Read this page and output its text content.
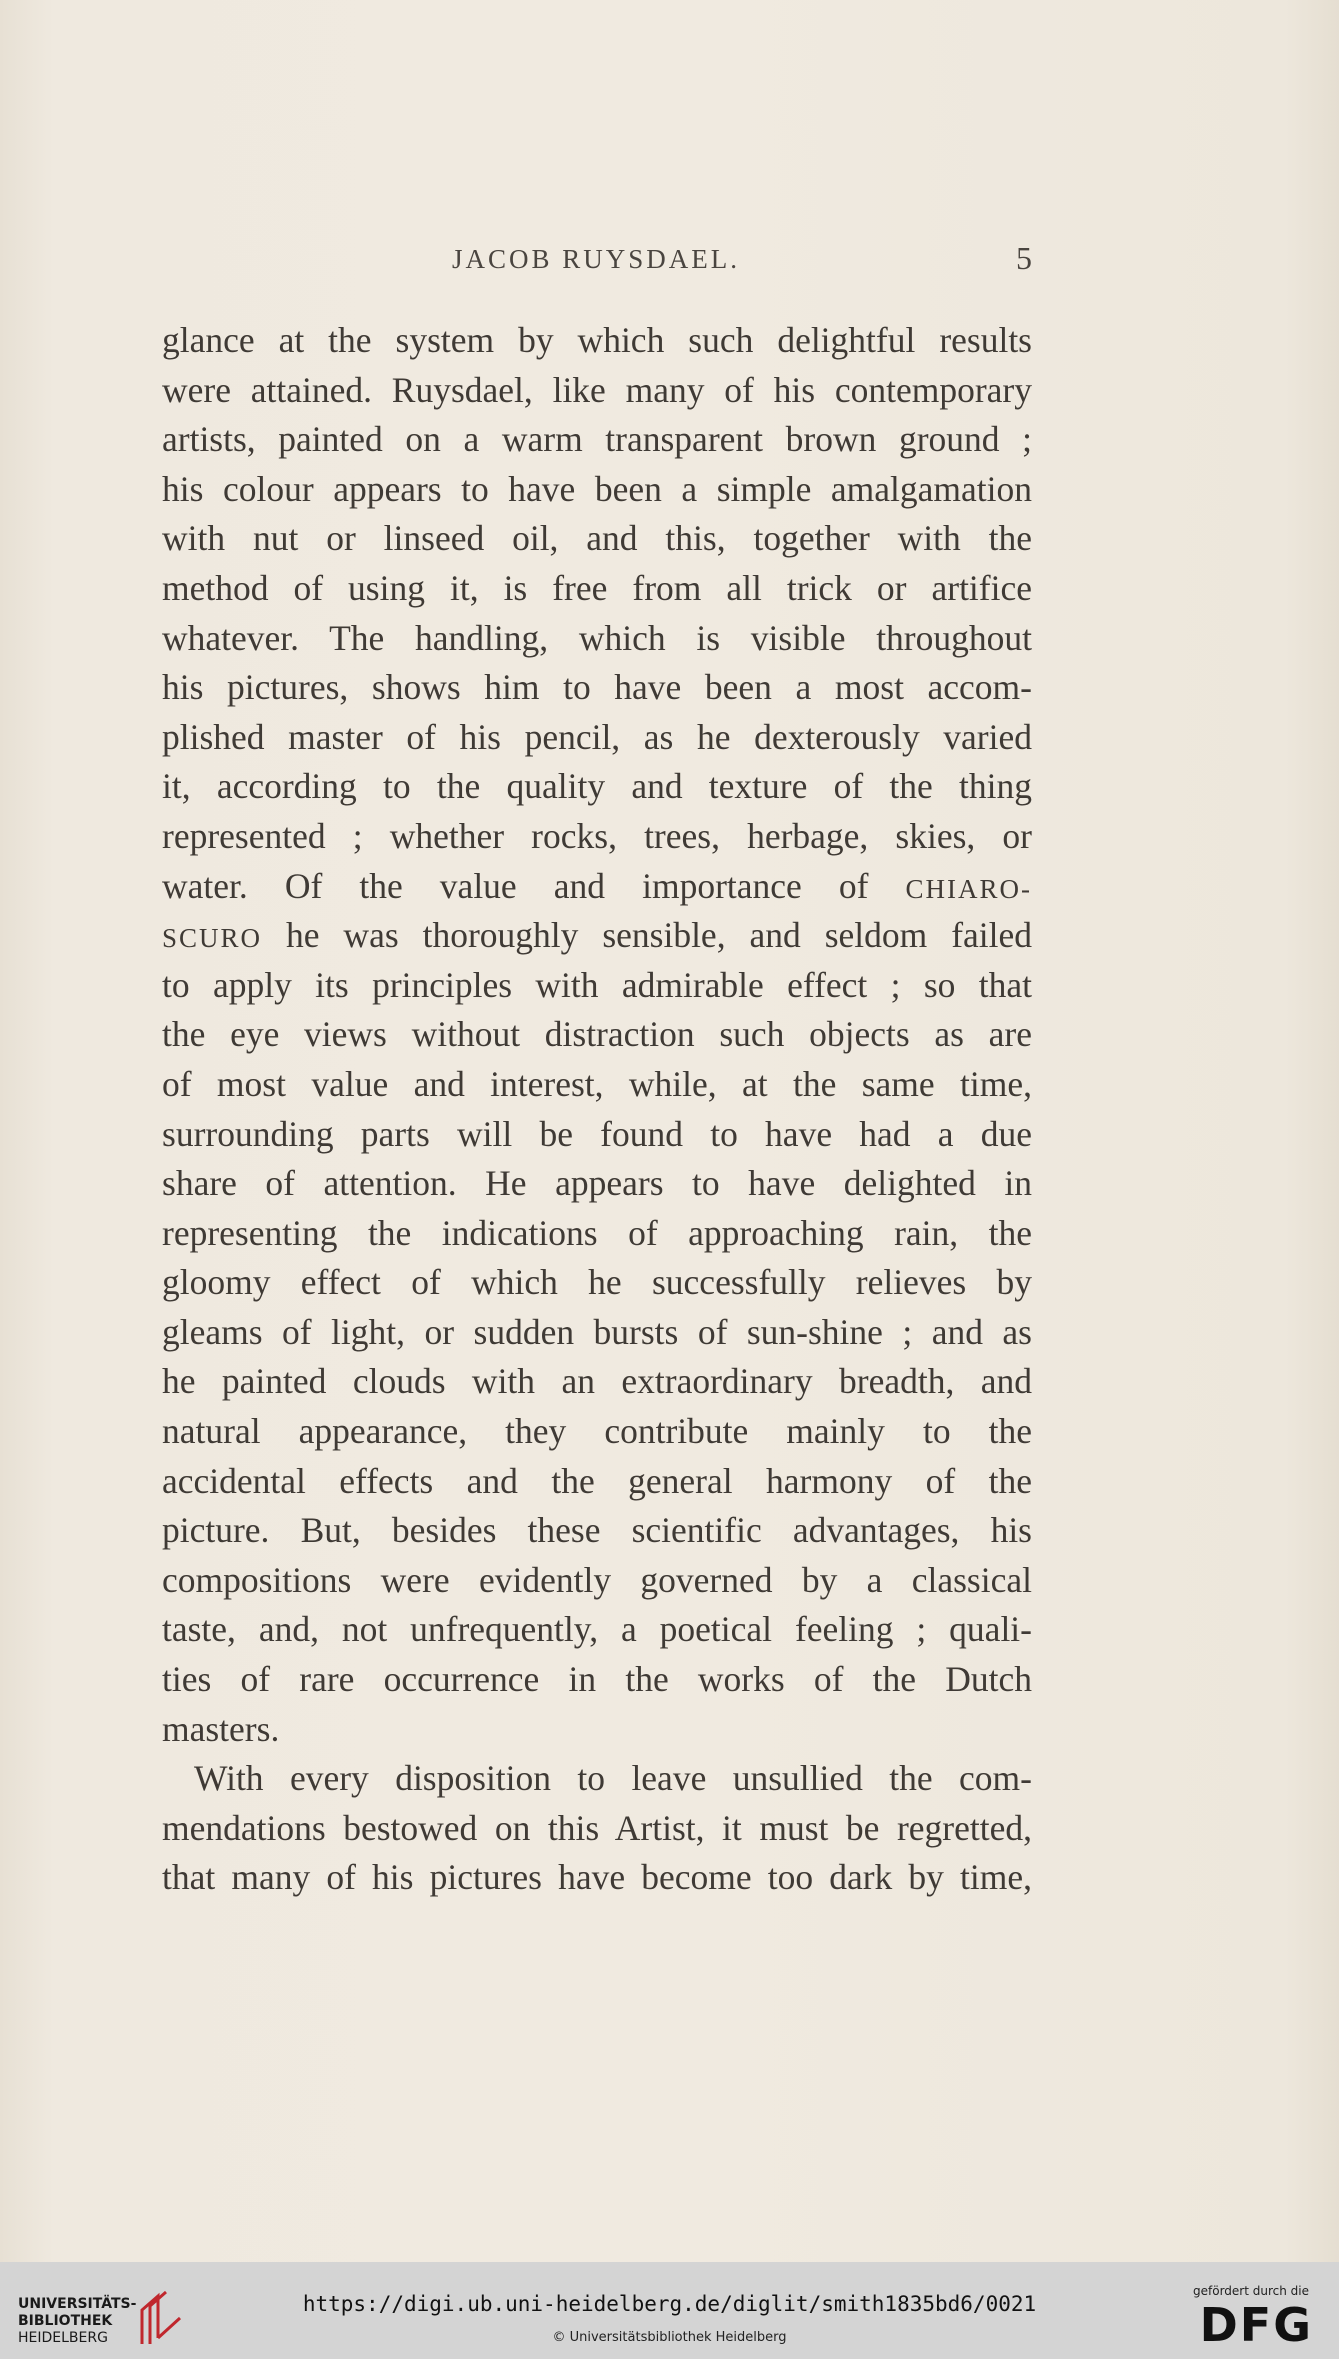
JACOB RUYSDAEL.	5
glance at the system by which such delightful results
were attained. Ruysdael, like many of his contemporary
artists, painted on a warm transparent brown ground ;
his colour appears to have been a simple amalgamation
with nut or linseed oil, and this, together with the
method of using it, is free from all trick or artifice
whatever. The handling, which is visible throughout
his pictures, shows him to have been a most accom-
plished master of his pencil, as he dexterously varied
it, according to the quality and texture of the thing
represented ; whether rocks, trees, herbage, skies, or
water. Of the value and importance of CHIARO-
SCURO he was thoroughly sensible, and seldom failed
to apply its principles with admirable effect ; so that
the eye views without distraction such objects as are
of most value and interest, while, at the same time,
surrounding parts will be found to have had a due
share of attention. He appears to have delighted in
representing the indications of approaching rain, the
gloomy effect of which he successfully relieves by
gleams of light, or sudden bursts of sun-shine ; and as
he painted clouds with an extraordinary breadth, and
natural appearance, they contribute mainly to the
accidental effects and the general harmony of the
picture. But, besides these scientific advantages, his
compositions were evidently governed by a classical
taste, and, not unfrequently, a poetical feeling ; quali-
ties of rare occurrence in the works of the Dutch
masters.
With every disposition to leave unsullied the com-
mendations bestowed on this Artist, it must be regretted,
that many of his pictures have become too dark by time,
UNIVERSITÄTS-
BIBLIOTHEK
HEIDELBERG
https://digi.ub.uni-heidelberg.de/diglit/smith1835bd6/0021
© Universitätsbibliothek Heidelberg
gefördert durch die
DFG
